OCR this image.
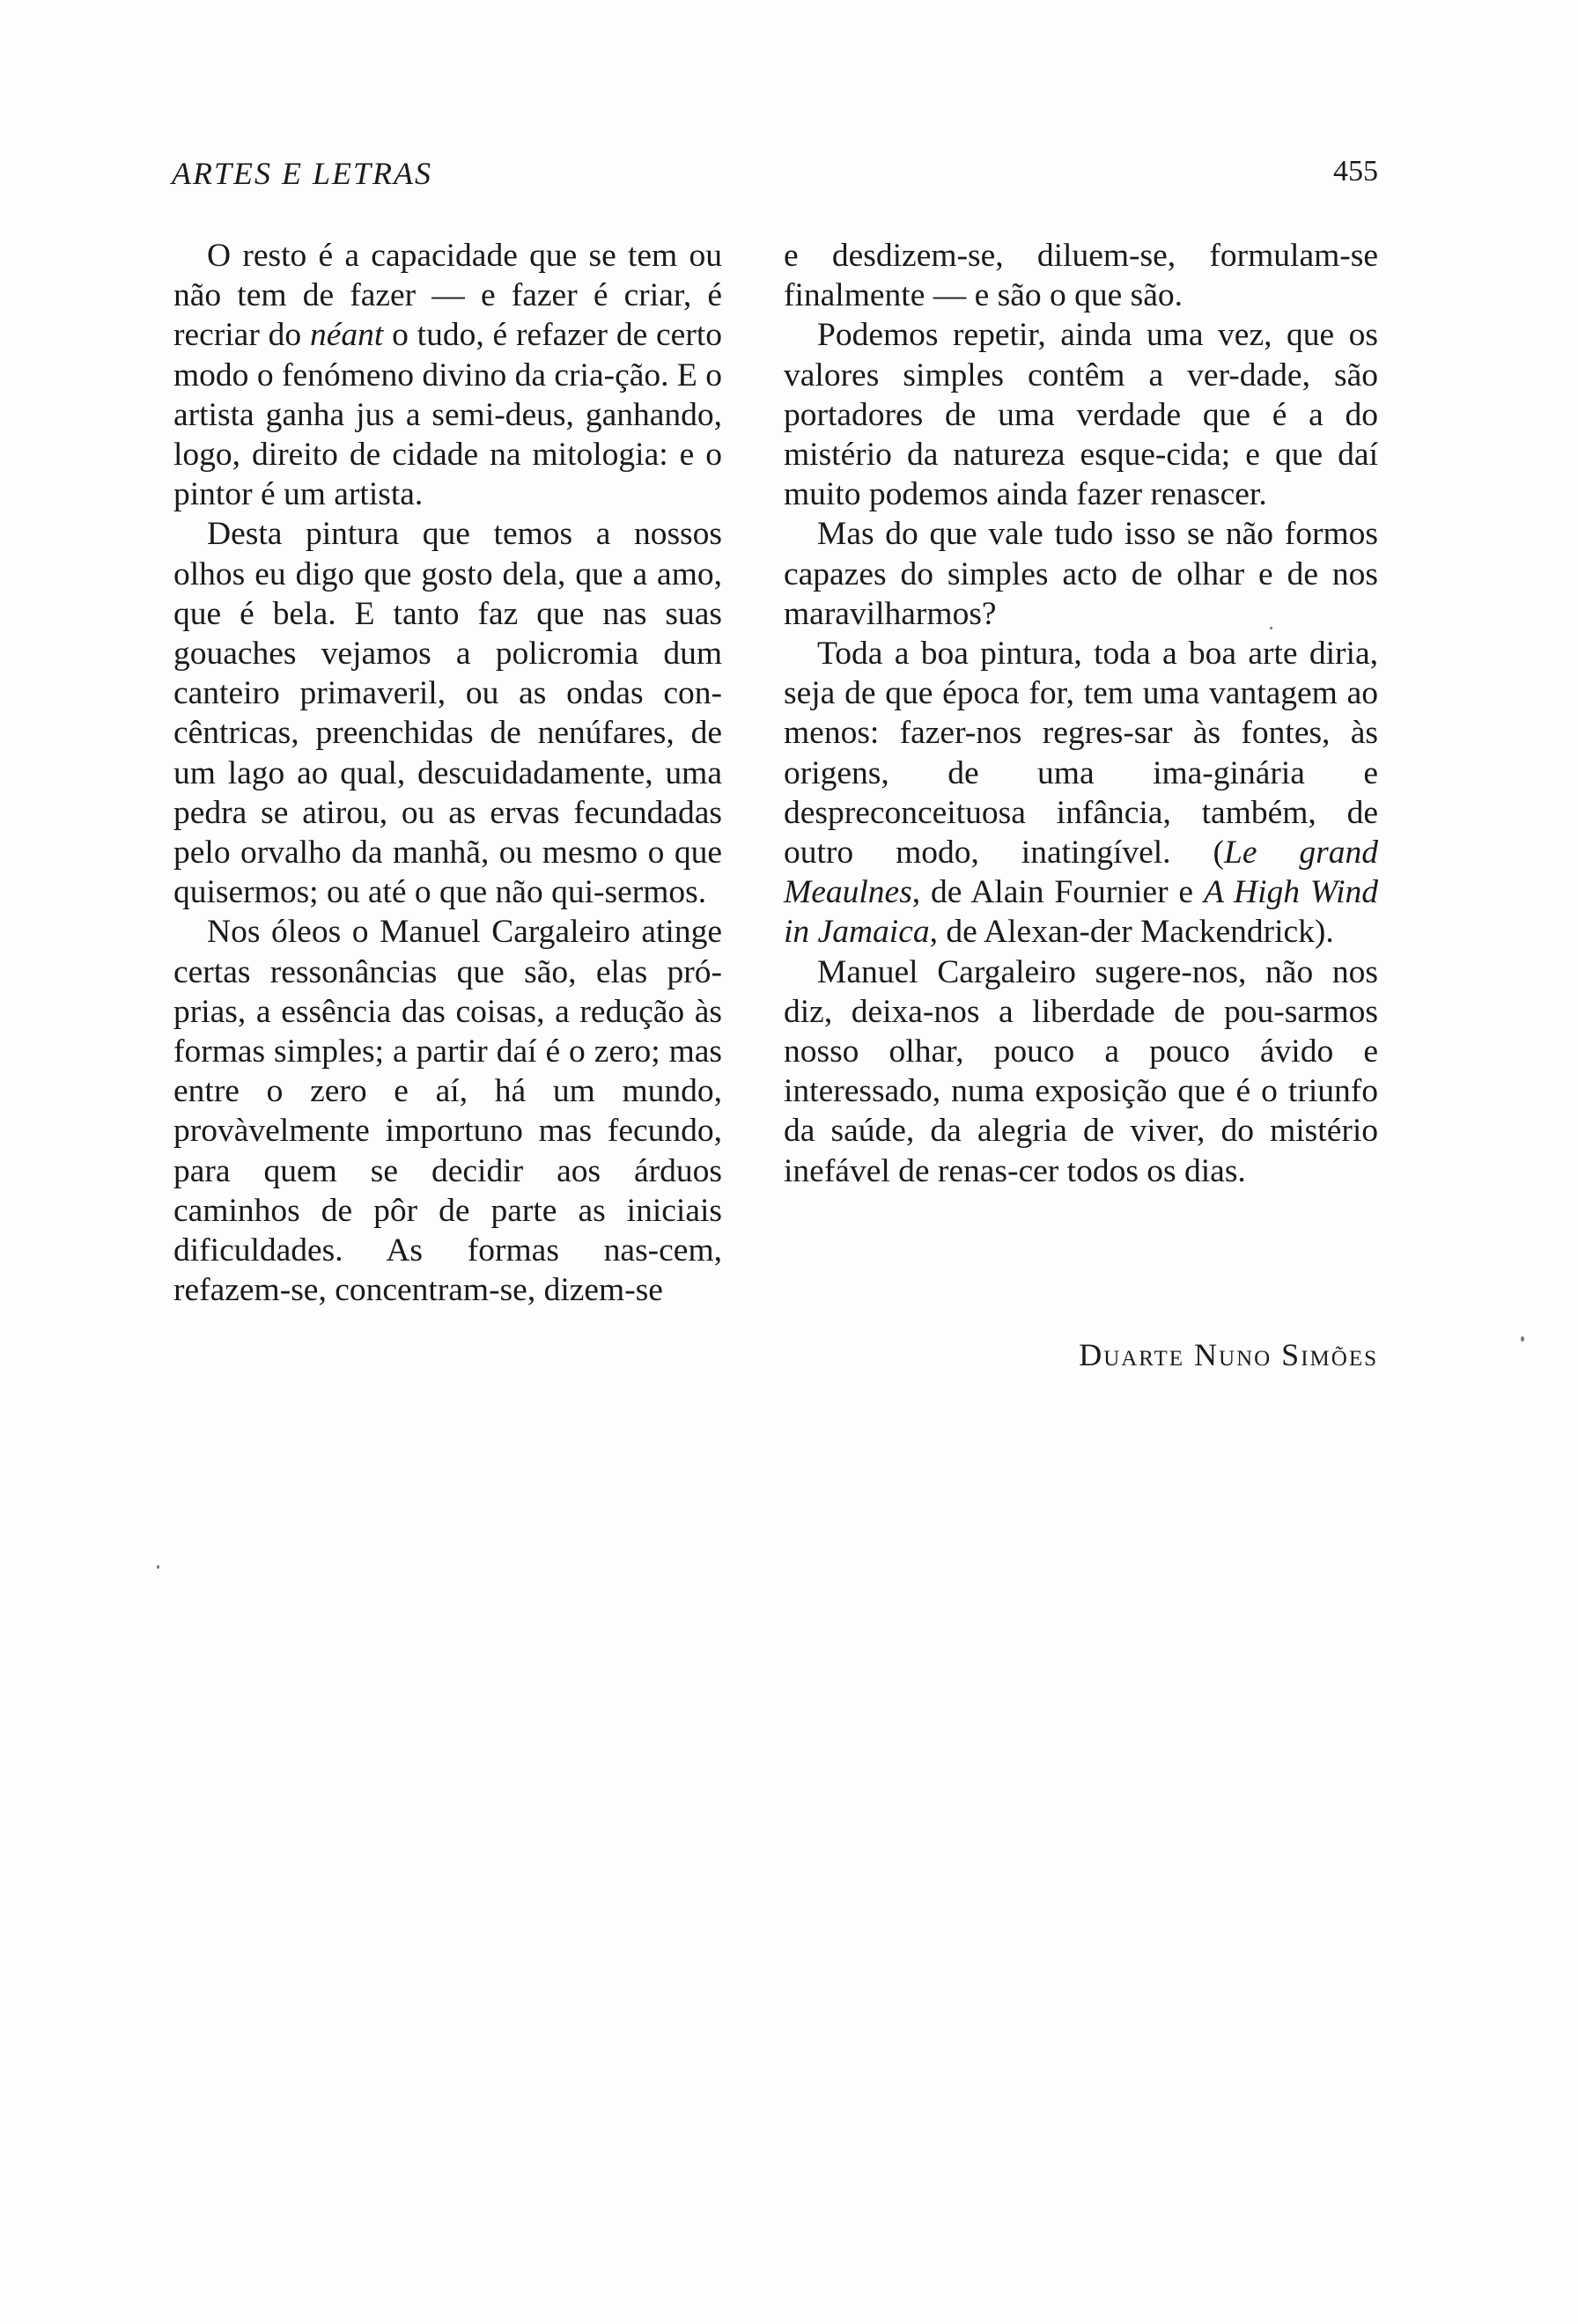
ARTES E LETRAS	455

O resto é a capacidade que se tem ou não tem de fazer — e fazer é criar, é recriar do néant o tudo, é refazer de certo modo o fenómeno divino da cria-ção. E o artista ganha jus a semi-deus, ganhando, logo, direito de cidade na mitologia: e o pintor é um artista.

Desta pintura que temos a nossos olhos eu digo que gosto dela, que a amo, que é bela. E tanto faz que nas suas gouaches vejamos a policromia dum canteiro primaveril, ou as ondas con-cêntricas, preenchidas de nenúfares, de um lago ao qual, descuidadamente, uma pedra se atirou, ou as ervas fecundadas pelo orvalho da manhã, ou mesmo o que quisermos; ou até o que não qui-sermos.

Nos óleos o Manuel Cargaleiro atinge certas ressonâncias que são, elas pró-prias, a essência das coisas, a redução às formas simples; a partir daí é o zero; mas entre o zero e aí, há um mundo, provàvelmente importuno mas fecundo, para quem se decidir aos árduos caminhos de pôr de parte as iniciais dificuldades. As formas nas-cem, refazem-se, concentram-se, dizem-se

e desdizem-se, diluem-se, formulam-se finalmente — e são o que são.

Podemos repetir, ainda uma vez, que os valores simples contêm a ver-dade, são portadores de uma verdade que é a do mistério da natureza esque-cida; e que daí muito podemos ainda fazer renascer.

Mas do que vale tudo isso se não formos capazes do simples acto de olhar e de nos maravilharmos?

Toda a boa pintura, toda a boa arte diria, seja de que época for, tem uma vantagem ao menos: fazer-nos regres-sar às fontes, às origens, de uma ima-ginária e despreconceituosa infância, também, de outro modo, inatingível. (Le grand Meaulnes, de Alain Fournier e A High Wind in Jamaica, de Alexan-der Mackendrick).

Manuel Cargaleiro sugere-nos, não nos diz, deixa-nos a liberdade de pou-sarmos nosso olhar, pouco a pouco ávido e interessado, numa exposição que é o triunfo da saúde, da alegria de viver, do mistério inefável de renas-cer todos os dias.

Duarte Nuno Simões
